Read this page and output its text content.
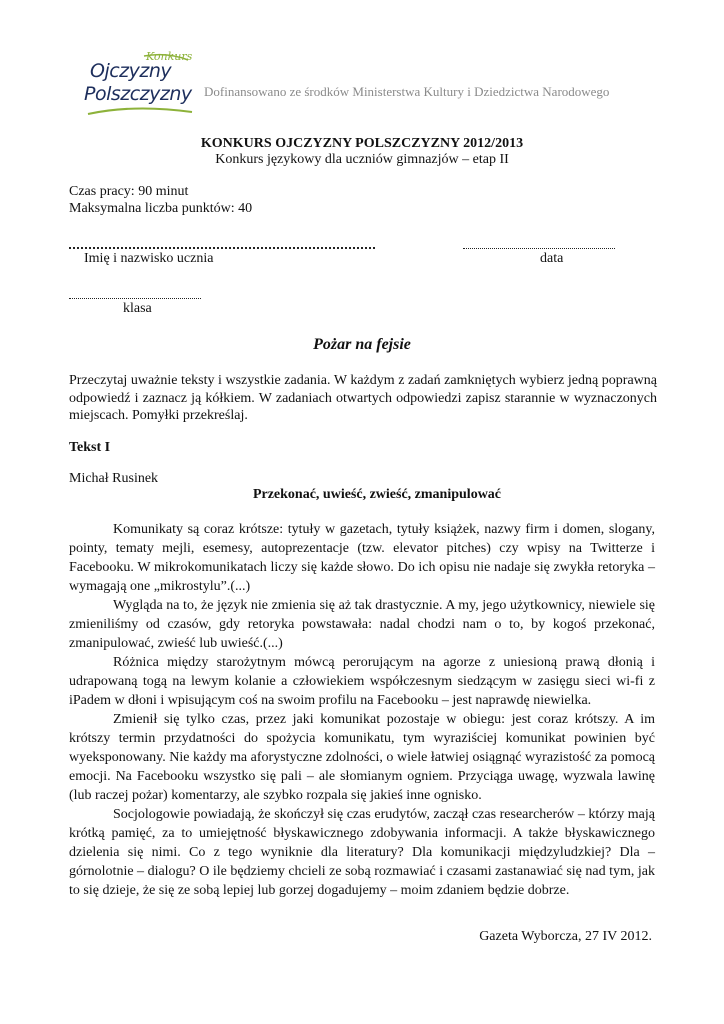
Konkurs
Ojczyzny
Polszczyzny Dofinansowano ze środków Ministerstwa Kultury i Dziedzictwa Narodowego
KONKURS OJCZYZNY POLSZCZYZNY 2012/2013
Konkurs językowy dla uczniów gimnazjów – etap II
Czas pracy: 90 minut
Maksymalna liczba punktów: 40
Imię i nazwisko ucznia	data
klasa
Pożar na fejsie
Przeczytaj uważnie teksty i wszystkie zadania. W każdym z zadań zamkniętych wybierz jedną poprawną odpowiedź i zaznacz ją kółkiem. W zadaniach otwartych odpowiedzi zapisz starannie w wyznaczonych miejscach. Pomyłki przekreślaj.
Tekst I
Michał Rusinek
Przekonać, uwieść, zwieść, zmanipulować

Komunikaty są coraz krótsze: tytuły w gazetach, tytuły książek, nazwy firm i domen, slogany, pointy, tematy mejli, esemesy, autoprezentacje (tzw. elevator pitches) czy wpisy na Twitterze i Facebooku. W mikrokomunikatach liczy się każde słowo. Do ich opisu nie nadaje się zwykła retoryka – wymagają one „mikrostylu”.(...)

Wygląda na to, że język nie zmienia się aż tak drastycznie. A my, jego użytkownicy, niewiele się zmieniliśmy od czasów, gdy retoryka powstawała: nadal chodzi nam o to, by kogoś przekonać, zmanipulować, zwieść lub uwieść.(...)

Różnica między starożytnym mówcą perorującym na agorze z uniesioną prawą dłonią i udrapowaną togą na lewym kolanie a człowiekiem współczesnym siedzącym w zasięgu sieci wi-fi z iPadem w dłoni i wpisującym coś na swoim profilu na Facebooku – jest naprawdę niewielka.

Zmienił się tylko czas, przez jaki komunikat pozostaje w obiegu: jest coraz krótszy. A im krótszy termin przydatności do spożycia komunikatu, tym wyraziściej komunikat powinien być wyeksponowany. Nie każdy ma aforystyczne zdolności, o wiele łatwiej osiągnąć wyrazistość za pomocą emocji. Na Facebooku wszystko się pali – ale słomianym ogniem. Przyciąga uwagę, wyzwala lawinę (lub raczej pożar) komentarzy, ale szybko rozpala się jakieś inne ognisko.

Socjologowie powiadają, że skończył się czas erudytów, zaczął czas researcherów – którzy mają krótką pamięć, za to umiejętność błyskawicznego zdobywania informacji. A także błyskawicznego dzielenia się nimi. Co z tego wyniknie dla literatury? Dla komunikacji międzyludzkiej? Dla – górnolotnie – dialogu? O ile będziemy chcieli ze sobą rozmawiać i czasami zastanawiać się nad tym, jak to się dzieje, że się ze sobą lepiej lub gorzej dogadujemy – moim zdaniem będzie dobrze.

Gazeta Wyborcza, 27 IV 2012.
